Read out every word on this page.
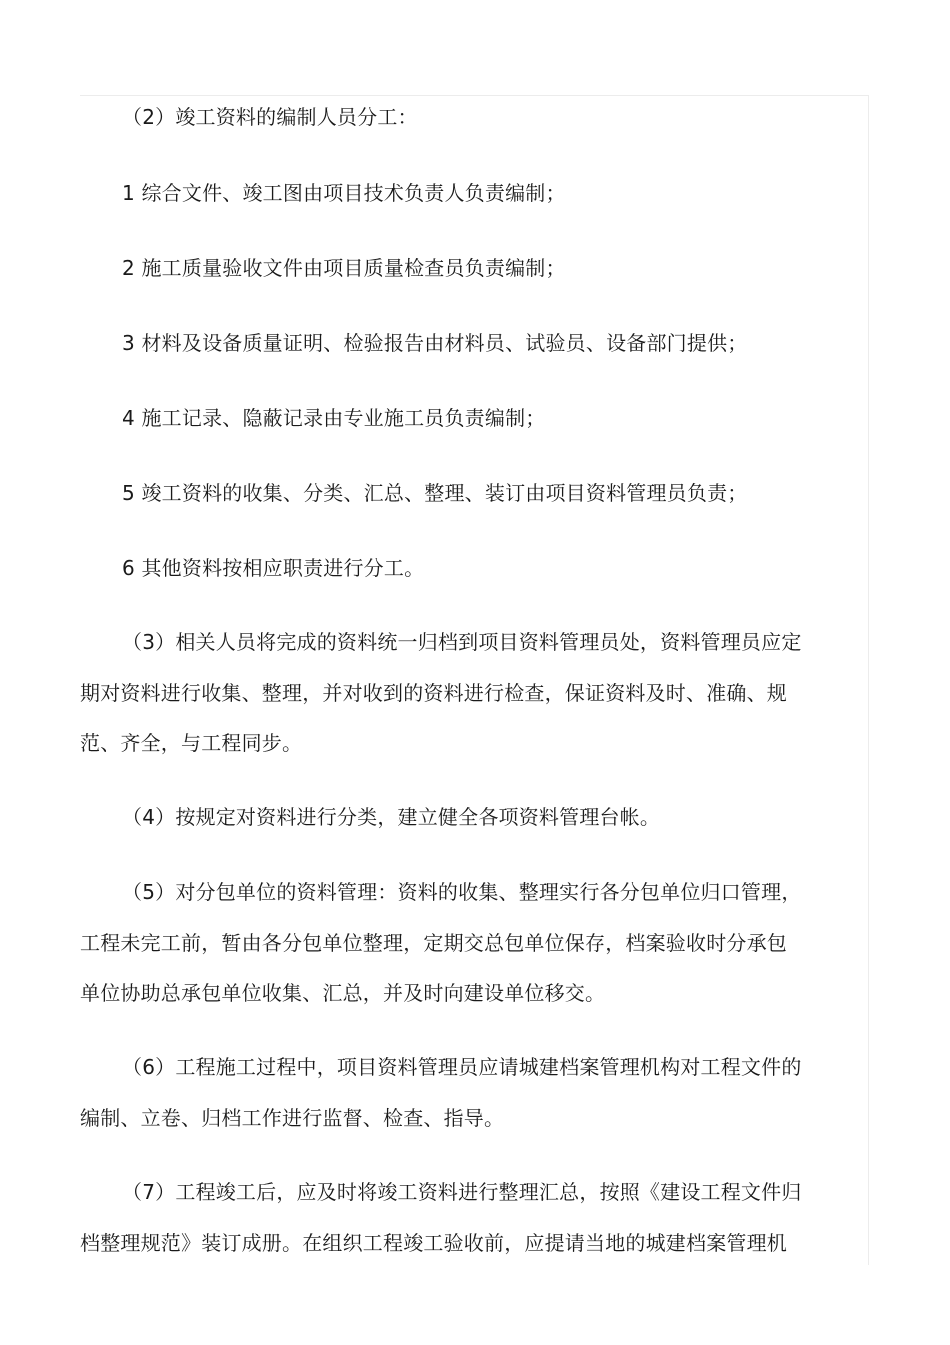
（2）竣工资料的编制人员分工：
1 综合文件、竣工图由项目技术负责人负责编制；
2 施工质量验收文件由项目质量检查员负责编制；
3 材料及设备质量证明、检验报告由材料员、试验员、设备部门提供；
4 施工记录、隐蔽记录由专业施工员负责编制；
5 竣工资料的收集、分类、汇总、整理、装订由项目资料管理员负责；
6 其他资料按相应职责进行分工。
（3）相关人员将完成的资料统一归档到项目资料管理员处，资料管理员应定
期对资料进行收集、整理，并对收到的资料进行检查，保证资料及时、准确、规
范、齐全，与工程同步。
（4）按规定对资料进行分类，建立健全各项资料管理台帐。
（5）对分包单位的资料管理：资料的收集、整理实行各分包单位归口管理，
工程未完工前，暂由各分包单位整理，定期交总包单位保存，档案验收时分承包
单位协助总承包单位收集、汇总，并及时向建设单位移交。
（6）工程施工过程中，项目资料管理员应请城建档案管理机构对工程文件的
编制、立卷、归档工作进行监督、检查、指导。
（7）工程竣工后，应及时将竣工资料进行整理汇总，按照《建设工程文件归
档整理规范》装订成册。在组织工程竣工验收前，应提请当地的城建档案管理机
